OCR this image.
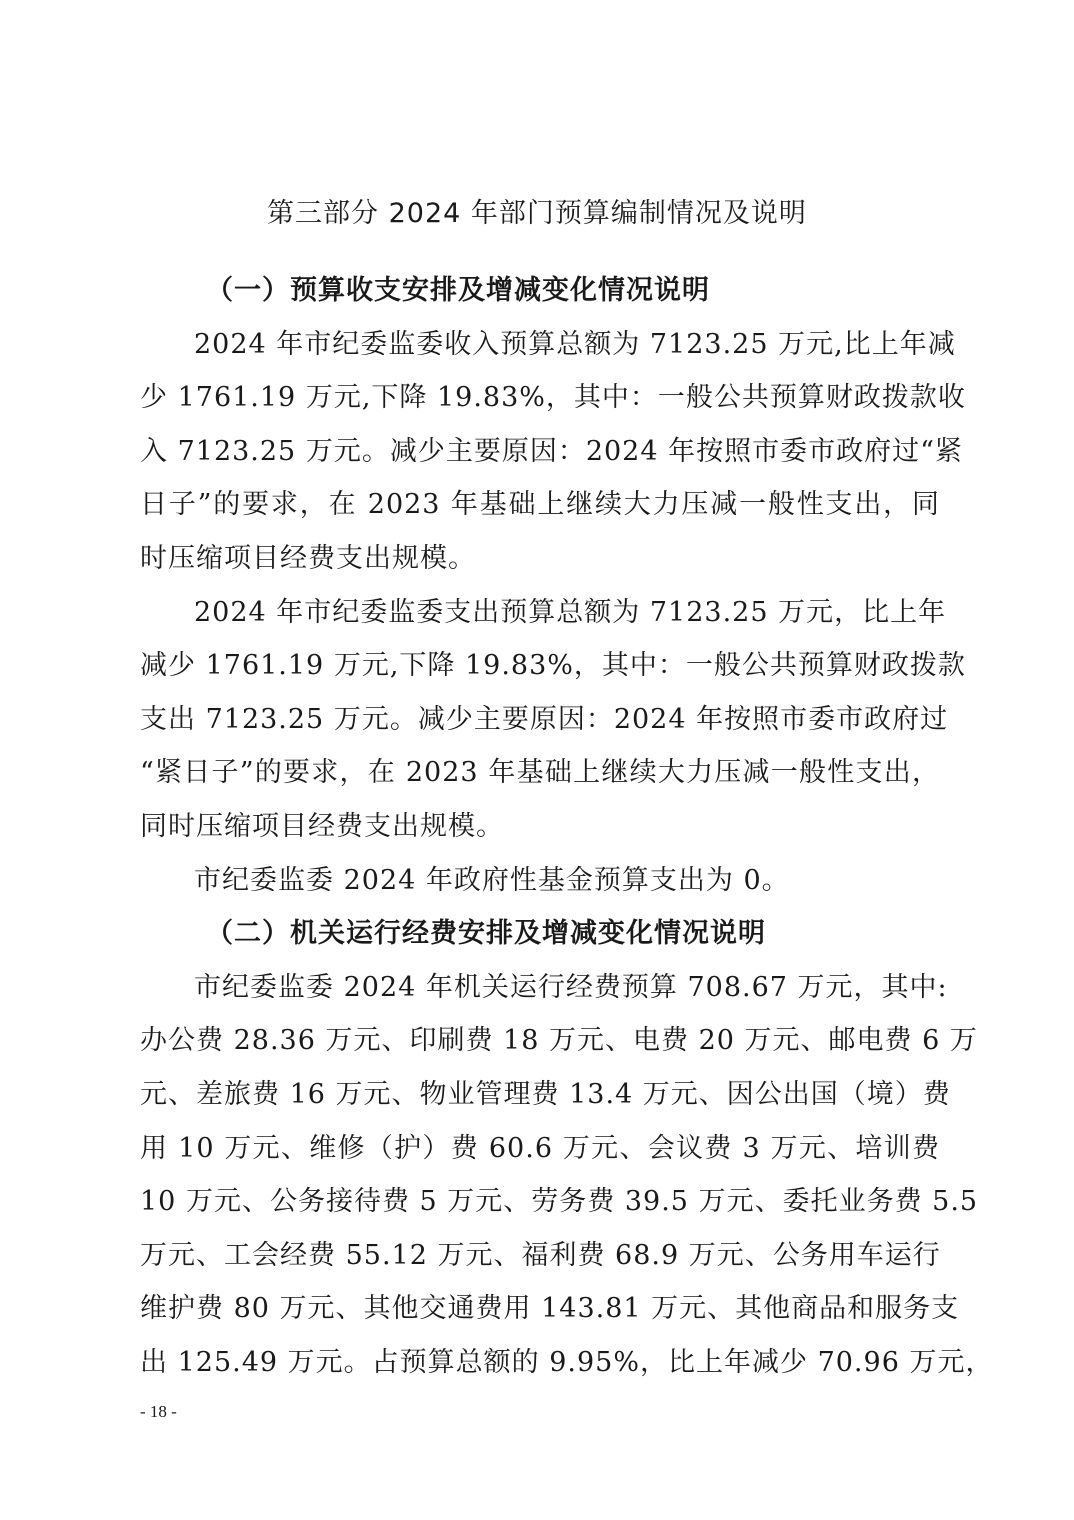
第三部分 2024 年部门预算编制情况及说明
（一）预算收支安排及增减变化情况说明
2024 年市纪委监委收入预算总额为 7123.25 万元,比上年减
少 1761.19 万元,下降 19.83%，其中：一般公共预算财政拨款收
入 7123.25 万元。减少主要原因：2024 年按照市委市政府过“紧
日子”的要求，在 2023 年基础上继续大力压减一般性支出，同
时压缩项目经费支出规模。
2024 年市纪委监委支出预算总额为 7123.25 万元，比上年
减少 1761.19 万元,下降 19.83%，其中：一般公共预算财政拨款
支出 7123.25 万元。减少主要原因：2024 年按照市委市政府过
“紧日子”的要求，在 2023 年基础上继续大力压减一般性支出，
同时压缩项目经费支出规模。
市纪委监委 2024 年政府性基金预算支出为 0。
（二）机关运行经费安排及增减变化情况说明
市纪委监委 2024 年机关运行经费预算 708.67 万元，其中:
办公费 28.36 万元、印刷费 18 万元、电费 20 万元、邮电费 6 万
元、差旅费 16 万元、物业管理费 13.4 万元、因公出国（境）费
用 10 万元、维修（护）费 60.6 万元、会议费 3 万元、培训费
10 万元、公务接待费 5 万元、劳务费 39.5 万元、委托业务费 5.5
万元、工会经费 55.12 万元、福利费 68.9 万元、公务用车运行
维护费 80 万元、其他交通费用 143.81 万元、其他商品和服务支
出 125.49 万元。占预算总额的 9.95%，比上年减少 70.96 万元，
- 18 -
